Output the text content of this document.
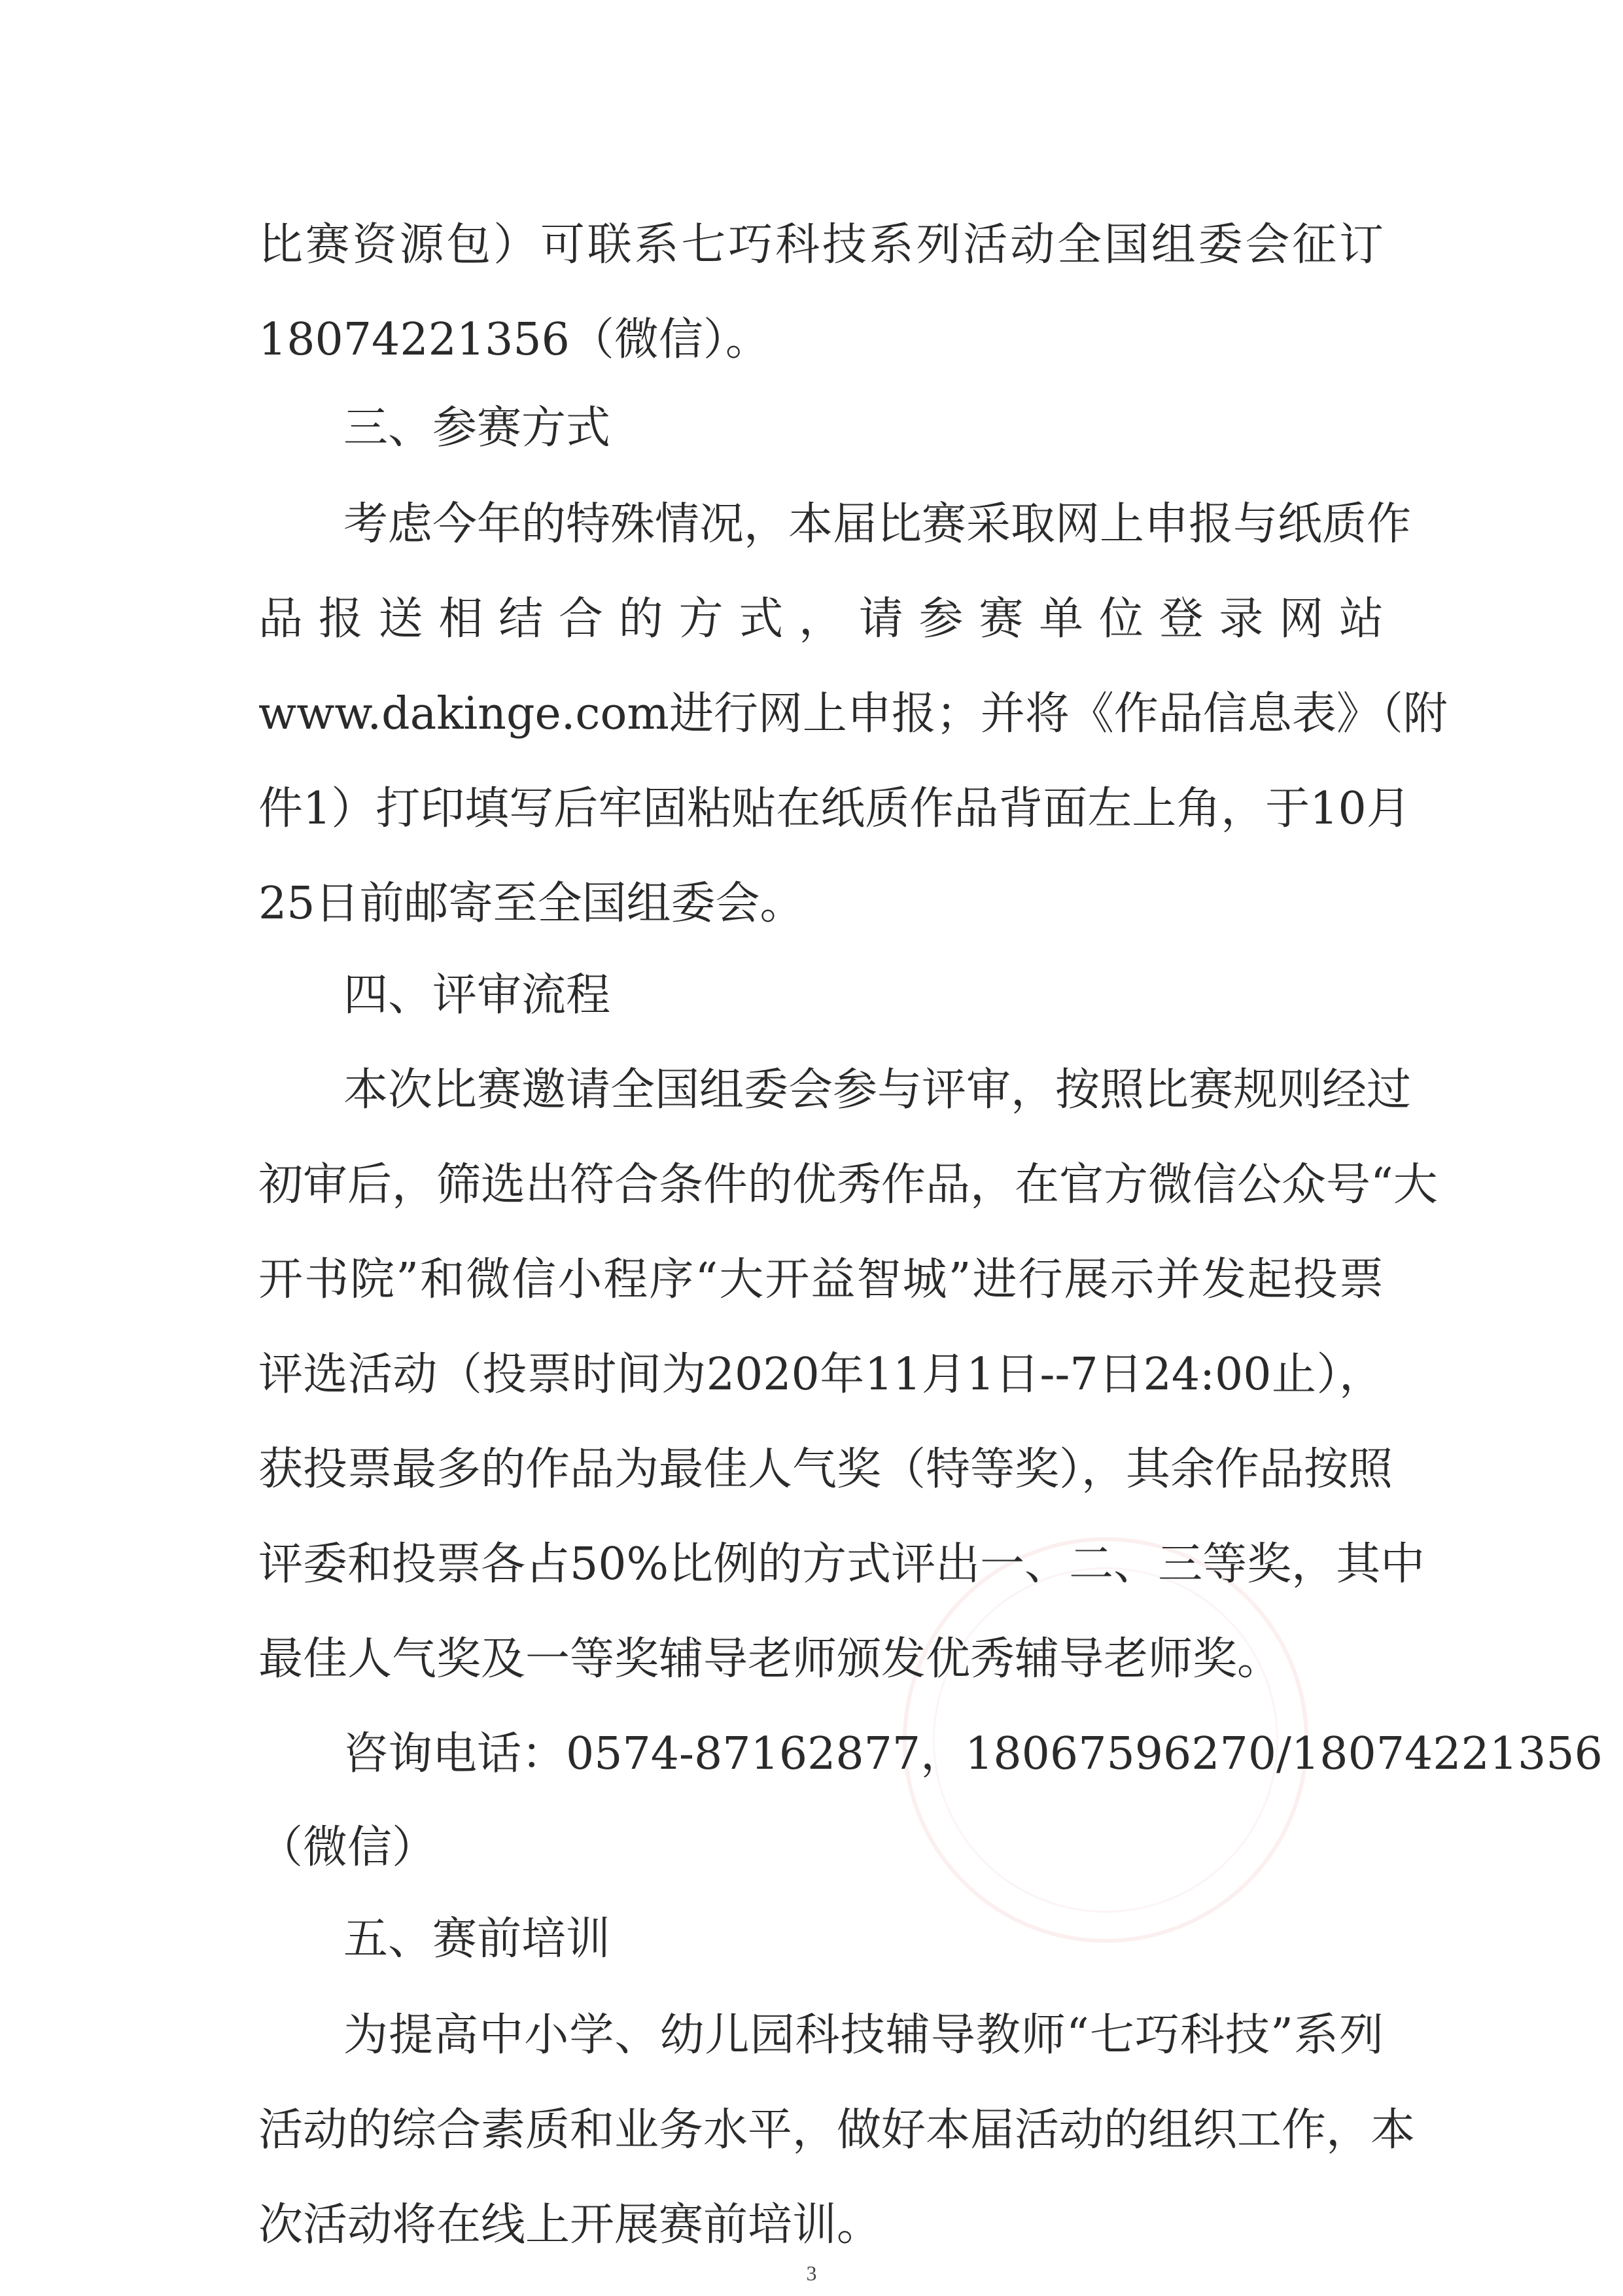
比赛资源包）可联系七巧科技系列活动全国组委会征订
18074221356（微信）。
三、参赛方式
考虑今年的特殊情况，本届比赛采取网上申报与纸质作
品报送相结合的方式，请参赛单位登录网站
www.dakinge.com进行网上申报；并将《作品信息表》（附
件1）打印填写后牢固粘贴在纸质作品背面左上角，于10月
25日前邮寄至全国组委会。
四、评审流程
本次比赛邀请全国组委会参与评审，按照比赛规则经过
初审后，筛选出符合条件的优秀作品，在官方微信公众号“大
开书院”和微信小程序“大开益智城”进行展示并发起投票
评选活动（投票时间为2020年11月1日--7日24:00止），
获投票最多的作品为最佳人气奖（特等奖），其余作品按照
评委和投票各占50%比例的方式评出一、二、三等奖，其中
最佳人气奖及一等奖辅导老师颁发优秀辅导老师奖。
咨询电话：0574-87162877，18067596270/18074221356
（微信）
五、赛前培训
为提高中小学、幼儿园科技辅导教师“七巧科技”系列
活动的综合素质和业务水平，做好本届活动的组织工作，本
次活动将在线上开展赛前培训。
3
